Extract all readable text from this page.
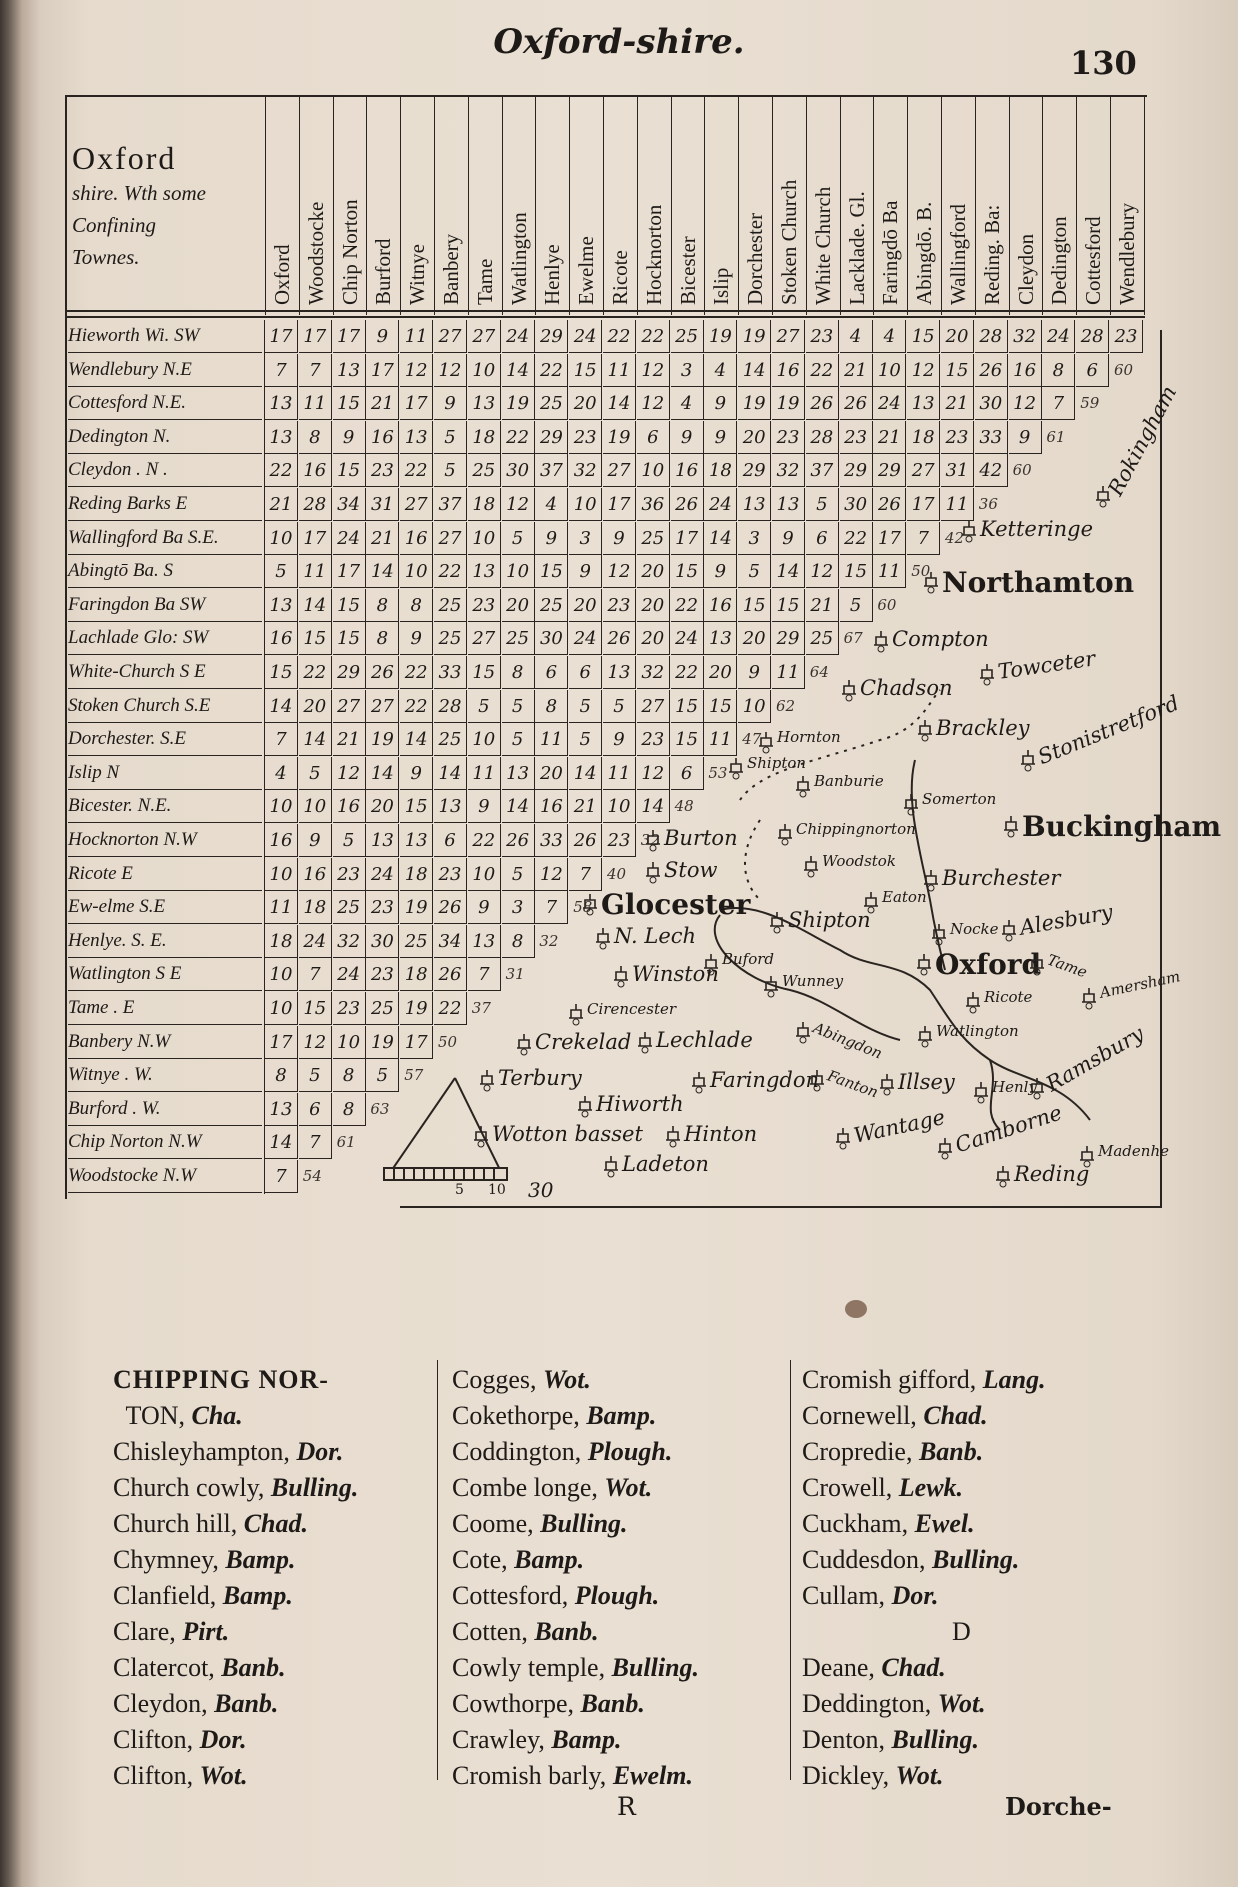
Oxford-shire.
130
Oxford
shire. Wth some
Confining
Townes.
Hieworth Wi. SW	17 17 17 9 11 27 27 24 29 24 22 22 25 19 19 27 23 4	4 15 20 28 32 24 28 23
Wendlebury N.E	7	7 13 17 12 12 10 14 22 15 11 12 3	4 14 16 22 21 10 12 15 26 16 8	6	60
Cottesford N.E.	13 11 15 21 17 9 13 19 25 20 14 12 4	9 19 19 26 26 24 13 21 30 12 7	59
Dedington N.	13 8	9 16 13 5 18 22 29 23 19 6	9	9 20 23 28 23 21 18 23 33 9	61
Cleydon . N .	22 16 15 23 22 5 25 30 37 32 27 10 16 18 29 32 37 29 29 27 31 42 60
Reding Barks E	21 28 34 31 27 37 18 12 4 10 17 36 26 24 13 13 5 30 26 17 11 36
Wallingford Ba S.E.	10 17 24 21 16 27 10 5	9	3	9 25 17 14 3	9	6 22 17 7	42
Abingtō Ba. S	5 11 17 14 10 22 13 10 15 9 12 20 15 9	5 14 12 15 11 50
Faringdon Ba SW	13 14 15 8	8 25 23 20 25 20 23 20 22 16 15 15 21 5	60
Lachlade Glo: SW	16 15 15 8	9 25 27 25 30 24 26 20 24 13 20 29 25 67
White-Church S E	15 22 29 26 22 33 15 8	6	6 13 32 22 20 9 11 64
Stoken Church S.E	14 20 27 27 22 28 5	5	8	5	5 27 15 15 10 62
Dorchester. S.E	7 14 21 19 14 25 10 5 11 5	9 23 15 11 47
Islip N	4	5 12 14 9 14 11 13 20 14 11 12 6	53
Bicester. N.E.	10 10 16 20 15 13 9 14 16 21 10 14 48
Hocknorton N.W	16 9	5 13 13 6 22 26 33 26 23 32
Ricote E	10 16 23 24 18 23 10 5 12 7	40
Ew-elme S.E	11 18 25 23 19 26 9	3	7	58
Henlye. S. E.	18 24 32 30 25 34 13 8	32
Watlington S E	10 7 24 23 18 26 7	31
Tame . E	10 15 23 25 19 22 37
Banbery N.W	17 12 10 19 17 50
Witnye . W.	8	5	8	5	57
Burford . W.	13 6	8	63
Chip Norton N.W	14 7	61
Woodstocke N.W	7	54
5 10 30
Rokingham
Ketteringe
Northamton
Compton
Towceter
Chadson
Brackley Stonistretford
Hornton
Shipton
Banburie
Somerton
Buckingham
Chippingnorton
Burton
Woodstok
Glocester
Stow	Burchester
Eaton
N. Lech
Shipton	Alesbury
Nocke
Oxford Tame
Buford
Winston	Wunney
Ricote	Amersham
Cirencester
Abingdon	Watlington
Lechlade
Crekelad
Fanton
Terbury	Faringdon	Illsey Henly
Hiworth
Hinton
Wotton basset	Wantage Camborne Madenhe
Ladeton
Ramsbury
Reding
CHIPPING NOR-
TON, Cha.
Chisleyhampton, Dor.
Church cowly, Bulling.
Church hill, Chad.
Chymney, Bamp.
Clanfield, Bamp.
Clare, Pirt.
Clatercot, Banb.
Cleydon, Banb.
Clifton, Dor.
Clifton, Wot.
Cogges, Wot.
Cokethorpe, Bamp.
Coddington, Plough.
Combe longe, Wot.
Coome, Bulling.
Cote, Bamp.
Cottesford, Plough.
Cotten, Banb.
Cowly temple, Bulling.
Cowthorpe, Banb.
Crawley, Bamp.
Cromish barly, Ewelm.
Cromish gifford, Lang.
Cornewell, Chad.
Cropredie, Banb.
Crowell, Lewk.
Cuckham, Ewel.
Cuddesdon, Bulling.
Cullam, Dor.
D
Deane, Chad.
Deddington, Wot.
Denton, Bulling.
Dickley, Wot.
R	Dorche-
Oxford Woodstocke Chip Norton Burford Witnye Banbery Tame Watlington Henlye Ewelme Ricote Hocknorton Bicester Islip Dorchester Stoken Church White Church Lacklade. Gl. Faringdō Ba Abingdō. B. Wallingford Reding. Ba: Cleydon Dedington Cottesford Wendlebury
